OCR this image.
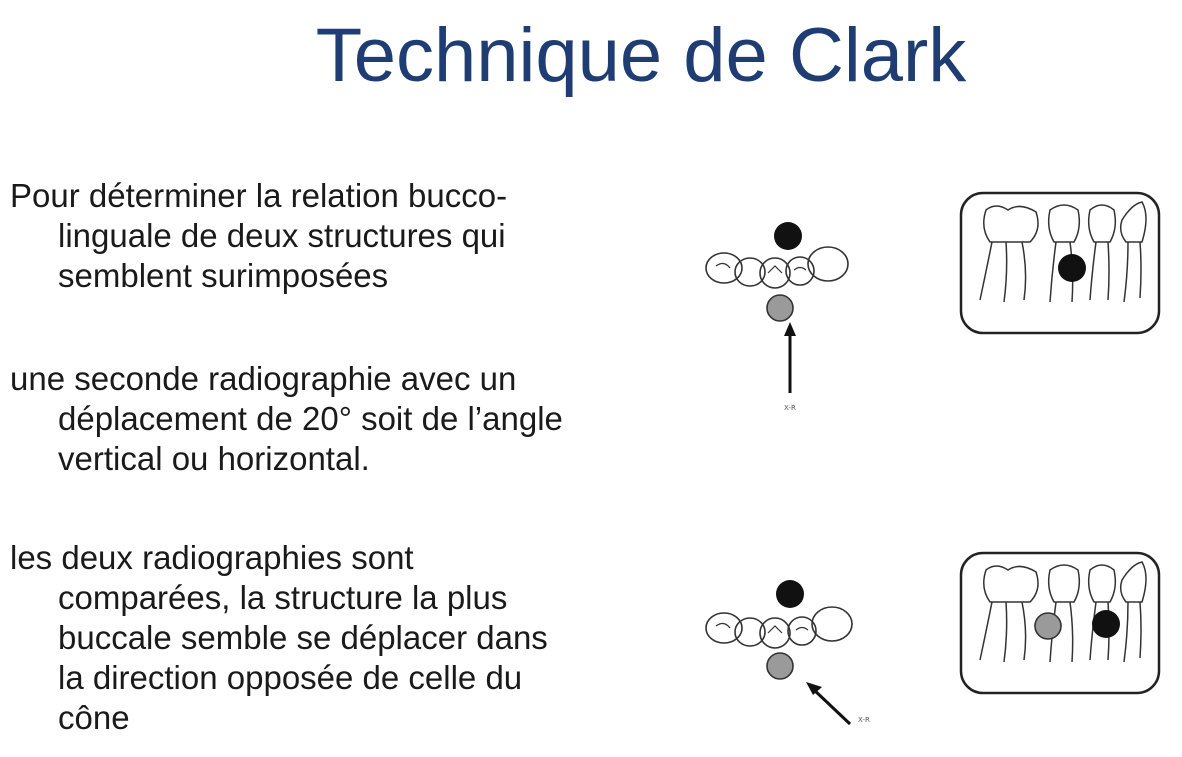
Technique de Clark
Pour déterminer la relation bucco-
linguale de deux structures qui
semblent surimposées
une seconde radiographie avec un
déplacement de 20° soit de l’angle
vertical ou horizontal.
les deux radiographies sont
comparées, la structure la plus
buccale semble se déplacer dans
la direction opposée de celle du
cône
X-R
X-R
